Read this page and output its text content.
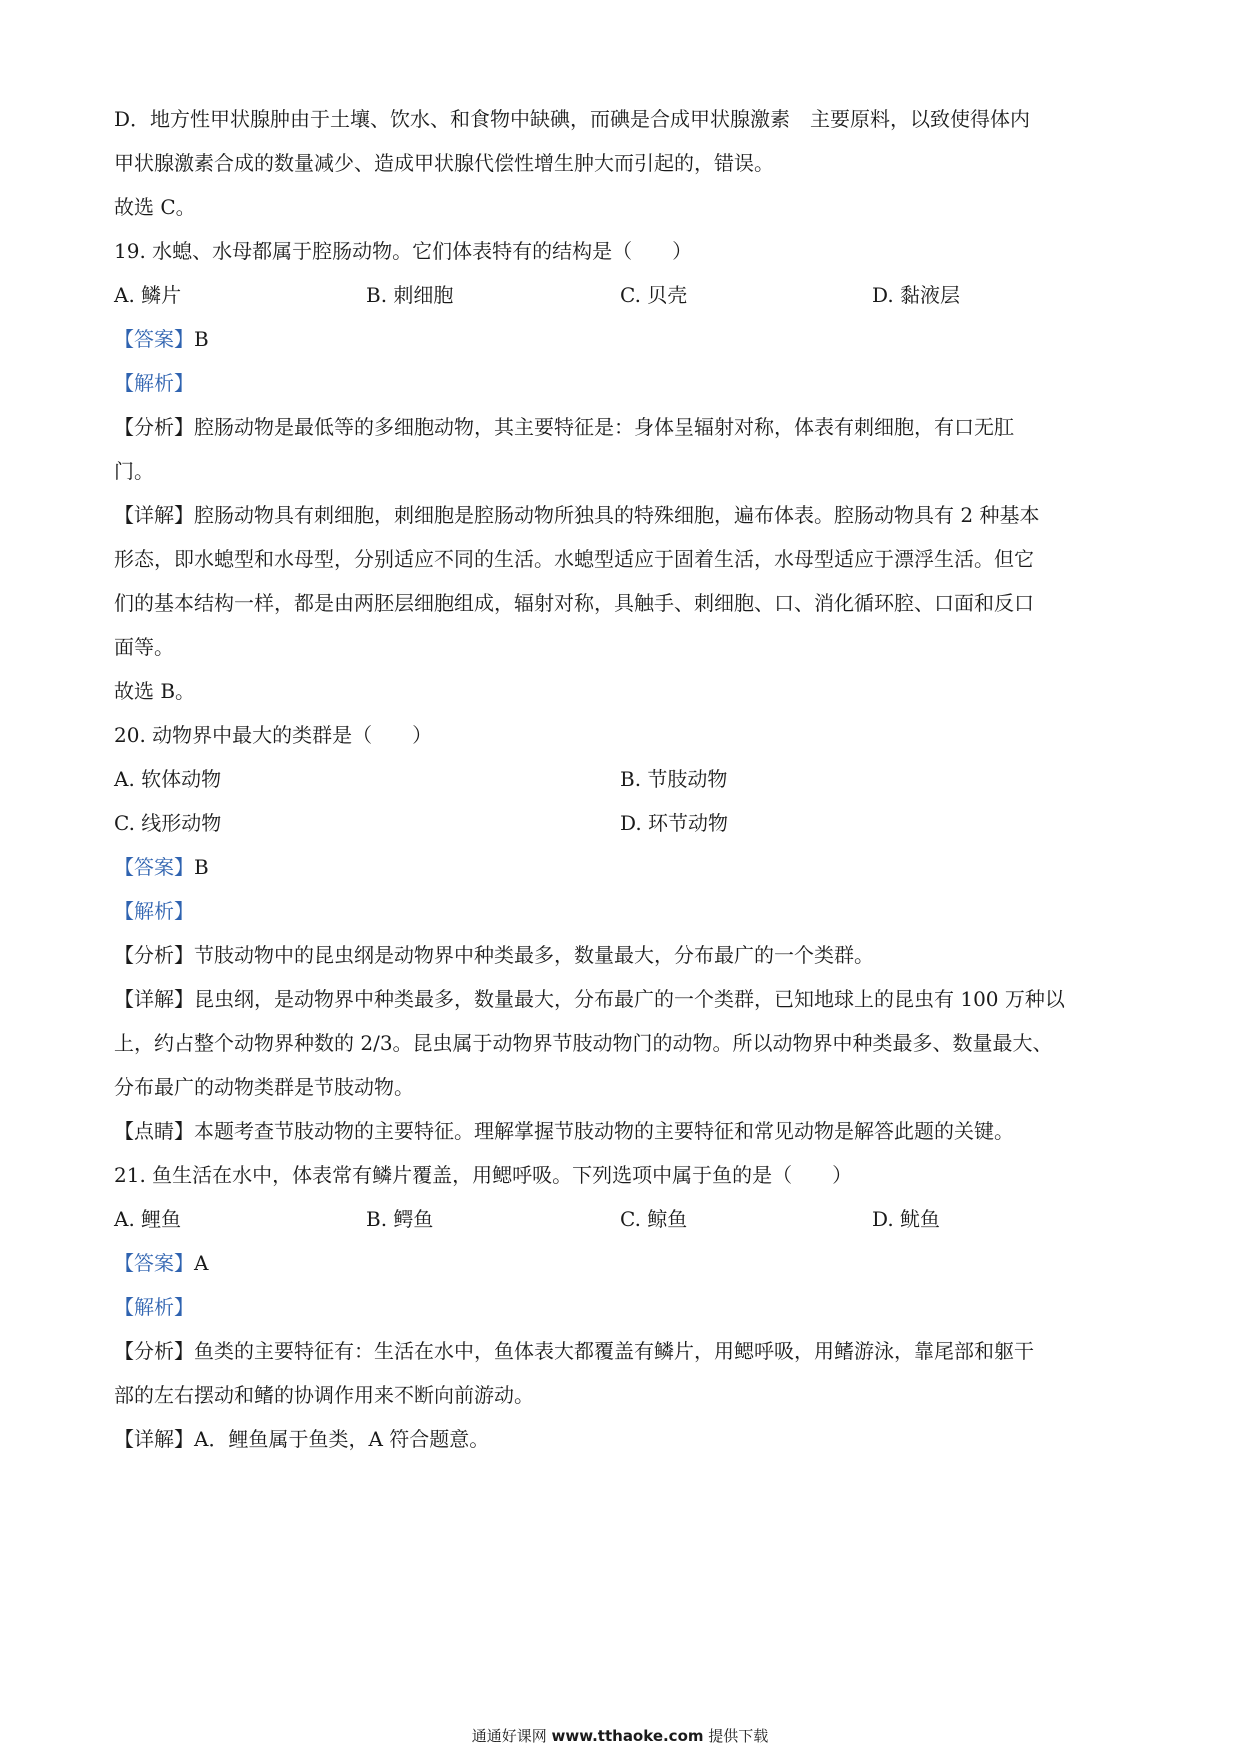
D．地方性甲状腺肿由于土壤、饮水、和食物中缺碘，而碘是合成甲状腺激素　主要原料，以致使得体内
甲状腺激素合成的数量减少、造成甲状腺代偿性增生肿大而引起的，错误。
故选 C。
19. 水螅、水母都属于腔肠动物。它们体表特有的结构是（　　）
A. 鳞片	B. 刺细胞	C. 贝壳	D. 黏液层
【答案】B
【解析】
【分析】腔肠动物是最低等的多细胞动物，其主要特征是：身体呈辐射对称，体表有刺细胞，有口无肛
门。
【详解】腔肠动物具有刺细胞，刺细胞是腔肠动物所独具的特殊细胞，遍布体表。腔肠动物具有 2 种基本
形态，即水螅型和水母型，分别适应不同的生活。水螅型适应于固着生活，水母型适应于漂浮生活。但它
们的基本结构一样，都是由两胚层细胞组成，辐射对称，具触手、刺细胞、口、消化循环腔、口面和反口
面等。
故选 B。
20. 动物界中最大的类群是（　　）
A. 软体动物	B. 节肢动物
C. 线形动物	D. 环节动物
【答案】B
【解析】
【分析】节肢动物中的昆虫纲是动物界中种类最多，数量最大，分布最广的一个类群。
【详解】昆虫纲，是动物界中种类最多，数量最大，分布最广的一个类群，已知地球上的昆虫有 100 万种以
上，约占整个动物界种数的 2/3。昆虫属于动物界节肢动物门的动物。所以动物界中种类最多、数量最大、
分布最广的动物类群是节肢动物。
【点睛】本题考查节肢动物的主要特征。理解掌握节肢动物的主要特征和常见动物是解答此题的关键。
21. 鱼生活在水中，体表常有鳞片覆盖，用鳃呼吸。下列选项中属于鱼的是（　　）
A. 鲤鱼	B. 鳄鱼	C. 鲸鱼	D. 鱿鱼
【答案】A
【解析】
【分析】鱼类的主要特征有：生活在水中，鱼体表大都覆盖有鳞片，用鳃呼吸，用鳍游泳，靠尾部和躯干
部的左右摆动和鳍的协调作用来不断向前游动。
【详解】A．鲤鱼属于鱼类，A 符合题意。
通通好课网 www.tthaoke.com 提供下载
